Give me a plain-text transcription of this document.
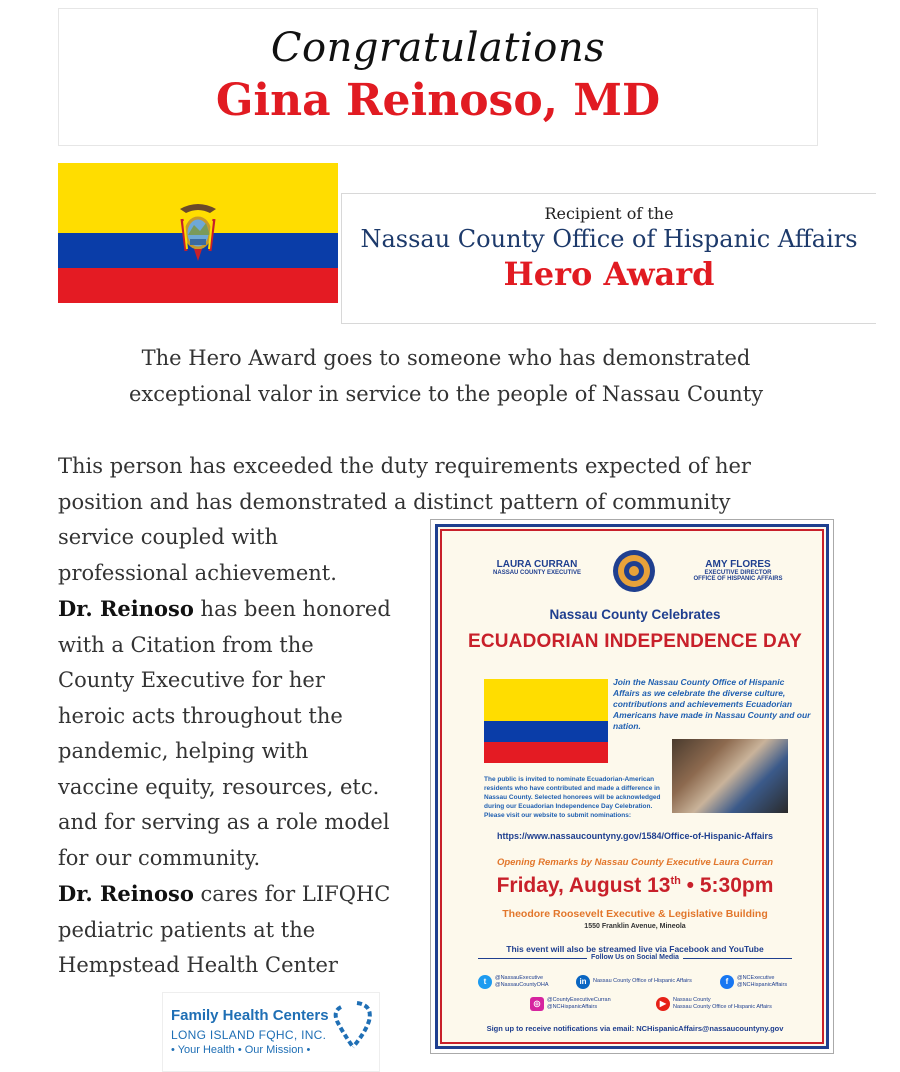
Congratulations
Gina Reinoso, MD
Recipient of the
Nassau County Office of Hispanic Affairs
Hero Award
The Hero Award goes to someone who has demonstrated
exceptional valor in service to the people of Nassau County
This person has exceeded the duty requirements expected of her
position and has demonstrated a distinct pattern of community
service coupled with
professional achievement.
Dr. Reinoso has been honored
with a Citation from the
County Executive for her
heroic acts throughout the
pandemic, helping with
vaccine equity, resources, etc.
and for serving as a role model
for our community.
Dr. Reinoso cares for LIFQHC
pediatric patients at the
Hempstead Health Center
Family Health Centers
LONG ISLAND FQHC, INC.
• Your Health • Our Mission •
LAURA CURRAN
NASSAU COUNTY EXECUTIVE
AMY FLORES
EXECUTIVE DIRECTOR
OFFICE OF HISPANIC AFFAIRS
Nassau County Celebrates
ECUADORIAN INDEPENDENCE DAY
Join the Nassau County Office of Hispanic Affairs as we celebrate the diverse culture, contributions and achievements Ecuadorian Americans have made in Nassau County and our nation.
The public is invited to nominate Ecuadorian-American residents who have contributed and made a difference in Nassau County. Selected honorees will be acknowledged during our Ecuadorian Independence Day Celebration. Please visit our website to submit nominations:
https://www.nassaucountyny.gov/1584/Office-of-Hispanic-Affairs
Opening Remarks by Nassau County Executive Laura Curran
Friday, August 13th • 5:30pm
Theodore Roosevelt Executive & Legislative Building
1550 Franklin Avenue, Mineola
This event will also be streamed live via Facebook and YouTube
Follow Us on Social Media
t	@NassauExecutive
@NassauCountyOHA	in	Nassau County Office of Hispanic Affairs	f	@NCExecutive
@NCHispanicAffairs
◎	@CountyExecutiveCurran
@NCHispanicAffairs	▶	Nassau County
Nassau County Office of Hispanic Affairs
Sign up to receive notifications via email: NCHispanicAffairs@nassaucountyny.gov
